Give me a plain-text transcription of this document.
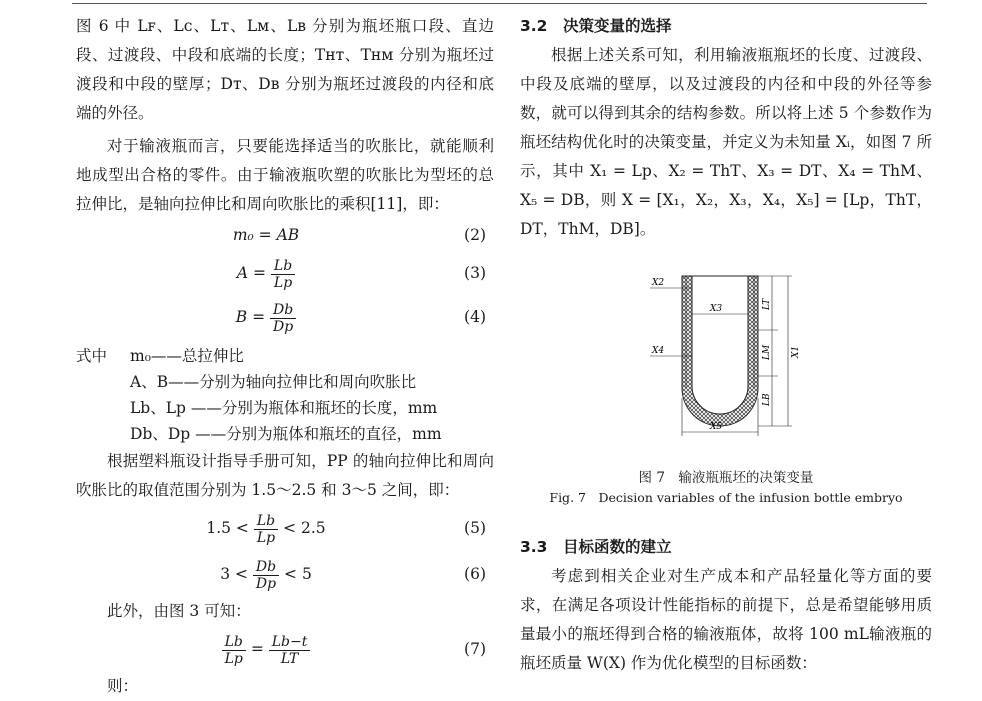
图 6 中 Lꜰ、Lᴄ、Lᴛ、Lᴍ、Lʙ 分别为瓶坯瓶口段、直边段、过渡段、中段和底端的长度；Tʜᴛ、Tʜᴍ 分别为瓶坯过渡段和中段的壁厚；Dᴛ、Dʙ 分别为瓶坯过渡段的内径和底端的外径。

对于输液瓶而言，只要能选择适当的吹胀比，就能顺利地成型出合格的零件。由于输液瓶吹塑的吹胀比为型坯的总拉伸比，是轴向拉伸比和周向吹胀比的乘积[11]，即：

m₀ = AB	(2)
$A = \frac{Lb}{Lp}$	(3)
$B = \frac{Db}{Dp}$	(4)
式中 m₀——总拉伸比

A、B——分别为轴向拉伸比和周向吹胀比

Lb、Lp ——分别为瓶体和瓶坯的长度，mm

Db、Dp ——分别为瓶体和瓶坯的直径，mm

根据塑料瓶设计指导手册可知，PP 的轴向拉伸比和周向吹胀比的取值范围分别为 1.5～2.5 和 3～5 之间，即：

$1.5 < \frac{Lb}{Lp} < 2.5$	(5)
$3 < \frac{Db}{Dp} < 5$	(6)

此外，由图 3 可知：

$\frac{Lb}{Lp} = \frac{Lb-t}{LT}$	(7)

则：

3.2　决策变量的选择

根据上述关系可知，利用输液瓶瓶坯的长度、过渡段、中段及底端的壁厚，以及过渡段的内径和中段的外径等参数，就可以得到其余的结构参数。所以将上述 5 个参数作为瓶坯结构优化时的决策变量，并定义为未知量 Xᵢ，如图 7 所示，其中 X₁ = Lp、X₂ = ThT、X₃ = DT、X₄ = ThM、X₅ = DB，则 X = [X₁，X₂，X₃，X₄，X₅] = [Lp，ThT，DT，ThM，DB]。

X2
X3
X4
X5
LT
LM
LB
X1

图 7　输液瓶瓶坯的决策变量

Fig. 7　Decision variables of the infusion bottle embryo

3.3　目标函数的建立

考虑到相关企业对生产成本和产品轻量化等方面的要求，在满足各项设计性能指标的前提下，总是希望能够用质量最小的瓶坯得到合格的输液瓶体，故将 100 mL输液瓶的瓶坯质量 W(X) 作为优化模型的目标函数：
